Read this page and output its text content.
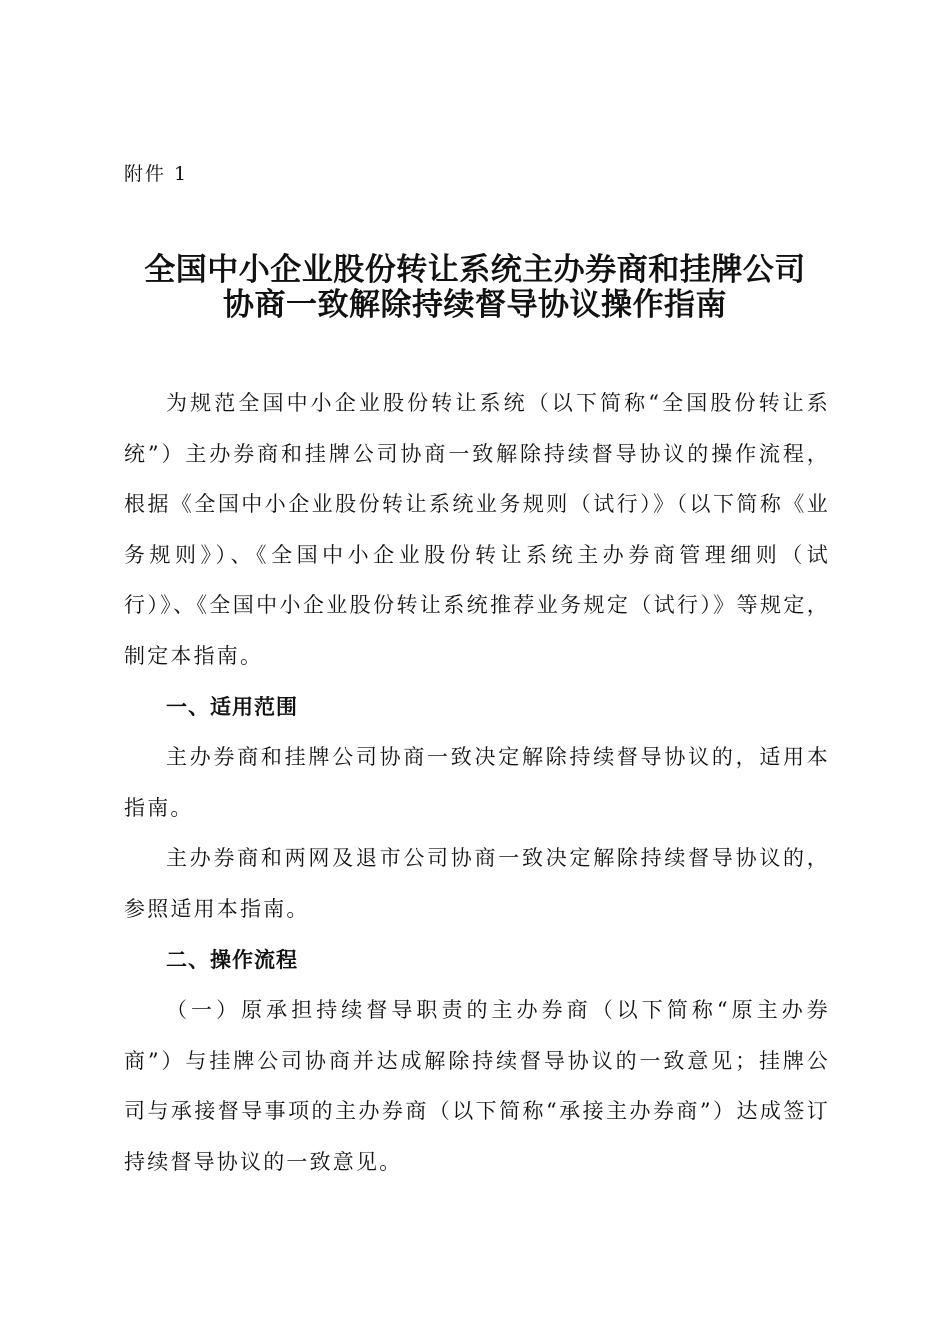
附件 1
全国中小企业股份转让系统主办券商和挂牌公司
协商一致解除持续督导协议操作指南

为规范全国中小企业股份转让系统（以下简称“全国股份转让系统”）主办券商和挂牌公司协商一致解除持续督导协议的操作流程，根据《全国中小企业股份转让系统业务规则（试行）》（以下简称《业务规则》）、《全国中小企业股份转让系统主办券商管理细则（试行）》、《全国中小企业股份转让系统推荐业务规定（试行）》等规定，制定本指南。

一、适用范围

主办券商和挂牌公司协商一致决定解除持续督导协议的，适用本指南。

主办券商和两网及退市公司协商一致决定解除持续督导协议的，参照适用本指南。

二、操作流程

（一）原承担持续督导职责的主办券商（以下简称“原主办券商”）与挂牌公司协商并达成解除持续督导协议的一致意见；挂牌公司与承接督导事项的主办券商（以下简称“承接主办券商”）达成签订持续督导协议的一致意见。
